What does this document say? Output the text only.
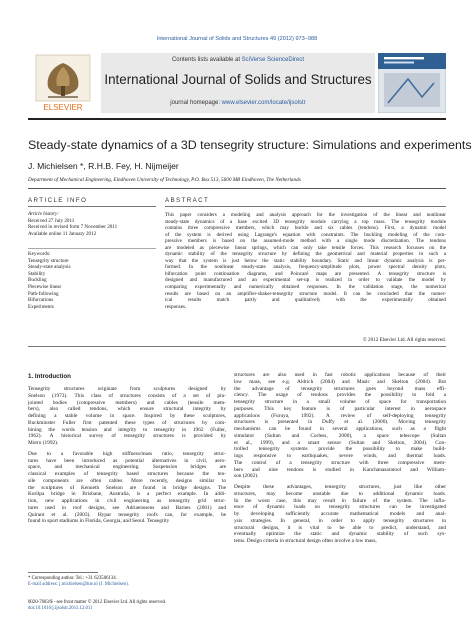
International Journal of Solids and Structures 49 (2012) 973–988
ELSEVIER
Contents lists available at SciVerse ScienceDirect
International Journal of Solids and Structures
journal homepage: www.elsevier.com/locate/ijsolstr
Steady-state dynamics of a 3D tensegrity structure: Simulations and experiments
J. Michielsen *, R.H.B. Fey, H. Nijmeijer
Department of Mechanical Engineering, Eindhoven University of Technology, P.O. Box 513, 5600 MB Eindhoven, The Netherlands
ARTICLE INFO	ABSTRACT
Article history:
Received 27 July 2011
Received in revised form 7 November 2011
Available online 11 January 2012
Keywords:
Tensegrity structure
Steady-state analysis
Stability
Buckling
Piecewise linear
Path-following
Bifurcations
Experiments
This paper considers a modeling and analysis approach for the investigation of the linear and nonlinear
steady-state dynamics of a base excited 3D tensegrity module carrying a top mass. The tensegrity module
contains three compressive members, which may buckle and six cables (tendons). First, a dynamic model
of the system is derived using Lagrange's equation with constraints. The buckling modeling of the com-
pressive members is based on the assumed-mode method with a single mode discretization. The tendons
are modeled as piecewise linear springs, which can only take tensile forces. This research focusses on the
dynamic stability of the tensegrity structure by defining the geometrical and material properties in such a
way that the system is just below the static stability boundary. Static and linear dynamic analysis is per-
formed. In the nonlinear steady-state analysis, frequency-amplitude plots, power spectral density plots,
bifurcation point continuation diagrams, and Poincaré maps are presented. A tensegrity structure is
designed and manufactured and an experimental set-up is realized in order to validate the model by
comparing experimentally and numerically obtained responses. In the validation stage, the numerical
results are based on an amplifier-shaker-tensegrity structure model. It can be concluded that the numer-
ical results match partly and qualitatively with the experimentally obtained
responses.
© 2012 Elsevier Ltd. All rights reserved.
1. Introduction
Tensegrity structures originate from sculptures designed by
Snelson (1973). This class of structures consists of a set of pin-
jointed bodies (compressive members) and cables (tensile mem-
bers), also called tendons, which ensure structural integrity by
defining a stable volume in space. Inspired by these sculptures,
Buckminster Fuller first patented these types of structures by com-
bining the words tension and integrity to tensegrity in 1962 (Fuller,
1962). A historical survey of tensegrity structures is provided by
Motro (1992).
Due to a favorable high stiffness/mass ratio, tensegrity struc-
tures have been introduced as potential alternatives in civil, aero-
space, and mechanical engineering. Suspension bridges are
classical examples of tensegrity based structures because the ten-
sile components are often cables. More recently, designs similar to
the sculptures of Kenneth Snelson are found in bridge designs. The
Kurilpa bridge in Brisbane, Australia, is a perfect example. In addi-
tion, new applications in civil engineering as tensegrity grid struc-
tures used in roof designs, see Adriaenssens and Barnes (2001) and
Quirant et al. (2003). Hypar tensegrity roofs can, for example, be
found in sport stadiums in Florida, Georgia, and Seoul. Tensegrity
structures are also used in fast robotic applications because of their
low mass, see e.g. Aldrich (2004) and Masic and Skelton (2004). But
the advantage of tensegrity structures goes beyond mass effi-
ciency. The usage of tendons provides the possibility to fold a
tensegrity structure in a small volume of space for transportation
purposes. This key feature is of particular interest in aerospace
applications (Furuya, 1992). A review of self-deploying tensegrity
structures is presented in Duffy et al. (2000). Moving tensegrity
mechanisms can be found in several applications, such as a flight
simulator (Sultan and Corless, 2000), a space telescope (Sultan
et al., 1999), and a smart sensor (Sultan and Skelton, 2004). Con-
trolled tensegrity systems provide the possibility to make build-
ings responsive to earthquakes, severe winds, and thermal loads.
The control of a tensegrity structure with three compressive mem-
bers and nine tendons is studied in Kanchanasaratool and William-
son (2002).
Despite these advantages, tensegrity structures, just like other
structures, may become unstable due to additional dynamic loads.
In the worst case, this may result in failure of the system. The influ-
ence of dynamic loads on tensegrity structures can be investigated
by developing sufficiently accurate mathematical models and anal-
ysis strategies. In general, in order to apply tensegrity structures in
structural designs, it is vital to be able to predict, understand, and
eventually optimize the static and dynamic stability of such sys-
tems. Design criteria in structural design often involve a low mass,
* Corresponding author. Tel.: +31 623506134.
E-mail address: j.michielsen@tue.nl (J. Michielsen).
0020-7683/$ - see front matter © 2012 Elsevier Ltd. All rights reserved.
doi:10.1016/j.ijsolstr.2011.12.011
